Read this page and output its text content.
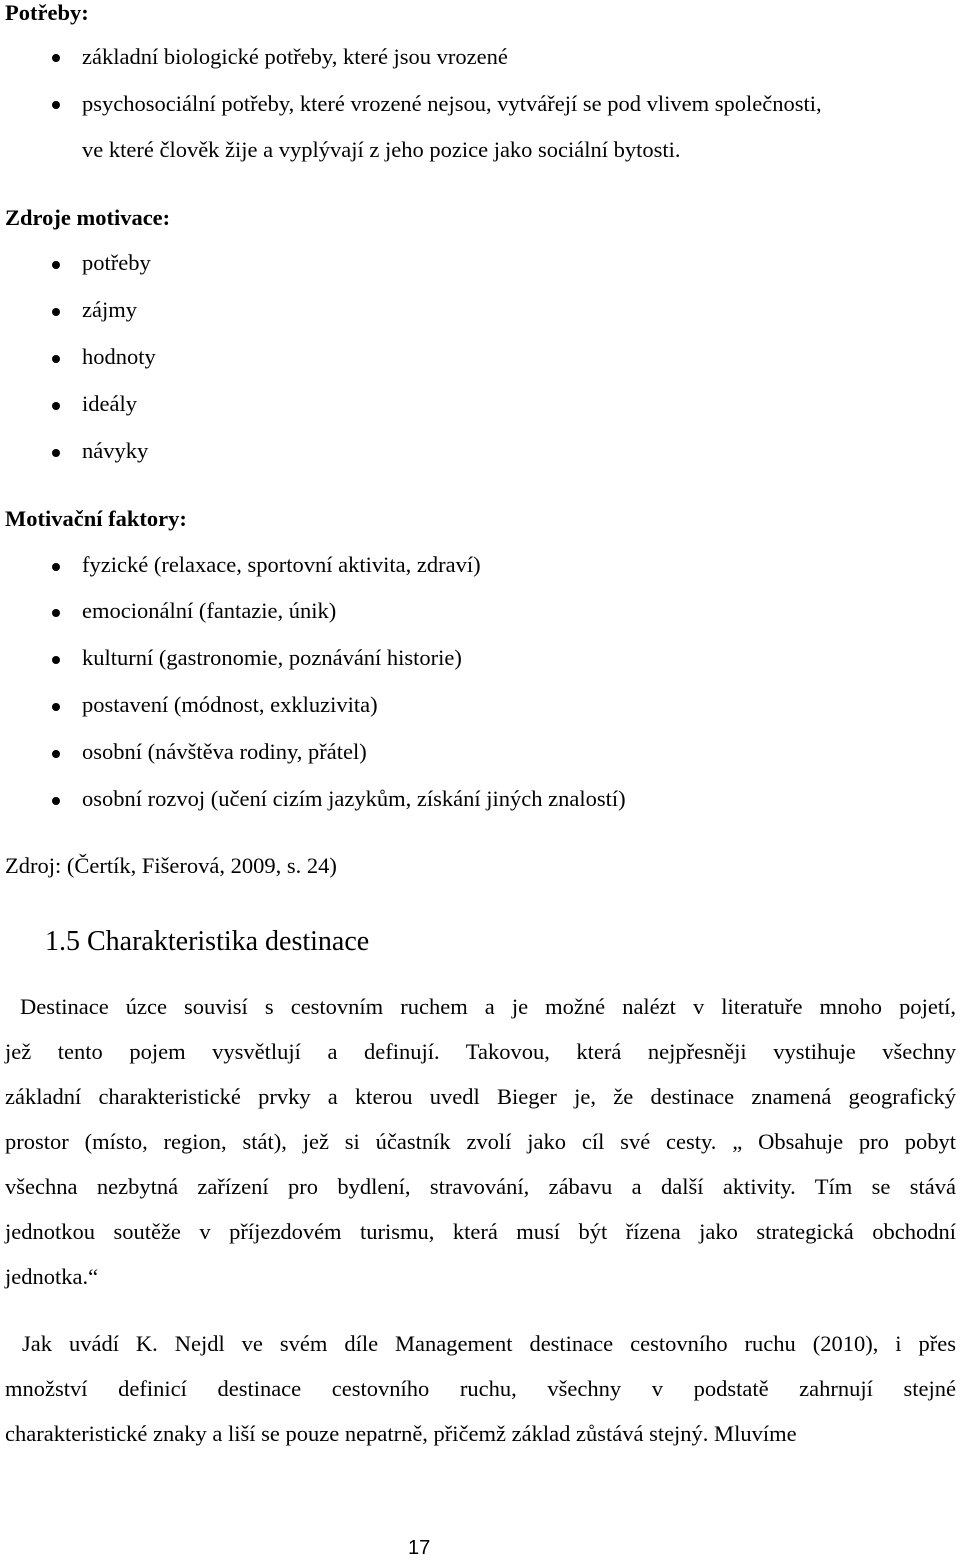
Potřeby:
základní biologické potřeby, které jsou vrozené
psychosociální potřeby, které vrozené nejsou, vytvářejí se pod vlivem společnosti,
ve které člověk žije a vyplývají z jeho pozice jako sociální bytosti.
Zdroje motivace:
potřeby
zájmy
hodnoty
ideály
návyky
Motivační faktory:
fyzické (relaxace, sportovní aktivita, zdraví)
emocionální (fantazie, únik)
kulturní (gastronomie, poznávání historie)
postavení (módnost, exkluzivita)
osobní (návštěva rodiny, přátel)
osobní rozvoj (učení cizím jazykům, získání jiných znalostí)
Zdroj: (Čertík, Fišerová, 2009, s. 24)
1.5 Charakteristika destinace
Destinace úzce souvisí s cestovním ruchem a je možné nalézt v literatuře mnoho pojetí,
jež tento pojem vysvětlují a definují. Takovou, která nejpřesněji vystihuje všechny
základní charakteristické prvky a kterou uvedl Bieger je, že destinace znamená geografický
prostor (místo, region, stát), jež si účastník zvolí jako cíl své cesty. „ Obsahuje pro pobyt
všechna nezbytná zařízení pro bydlení, stravování, zábavu a další aktivity. Tím se stává
jednotkou soutěže v příjezdovém turismu, která musí být řízena jako strategická obchodní
jednotka.“
Jak uvádí K. Nejdl ve svém díle Management destinace cestovního ruchu (2010), i přes
množství definicí destinace cestovního ruchu, všechny v podstatě zahrnují stejné
charakteristické znaky a liší se pouze nepatrně, přičemž základ zůstává stejný. Mluvíme
17
